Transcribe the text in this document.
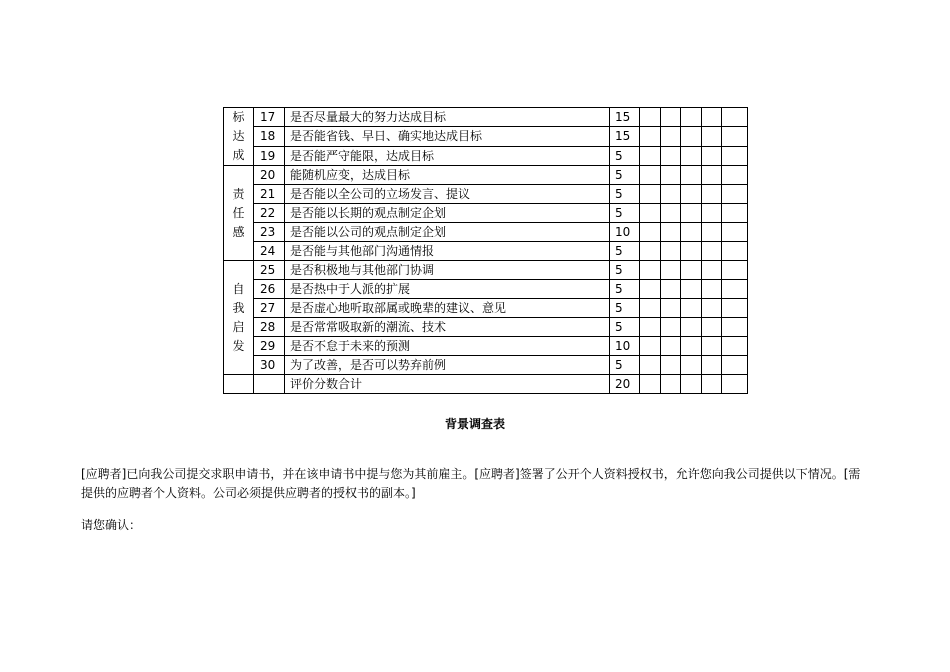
标
达
成	17	是否尽量最大的努力达成目标	15					
	18	是否能省钱、早日、确实地达成目标	15					
	19	是否能严守能限，达成目标	5					

责
任
感	20	能随机应变，达成目标	5					
	21	是否能以全公司的立场发言、提议	5					
	22	是否能以长期的观点制定企划	5					
	23	是否能以公司的观点制定企划	10					
	24	是否能与其他部门沟通情报	5					

自
我
启
发	25	是否积极地与其他部门协调	5					
	26	是否热中于人派的扩展	5					
	27	是否虚心地听取部属或晚辈的建议、意见	5					
	28	是否常常吸取新的潮流、技术	5					
	29	是否不怠于未来的预测	10					
	30	为了改善，是否可以势弃前例	5					
		评价分数合计	20					
背景调查表
[应聘者]已向我公司提交求职申请书，并在该申请书中提与您为其前雇主。[应聘者]签署了公开个人资料授权书，允许您向我公司提供以下情况。[需提供的应聘者个人资料。公司必须提供应聘者的授权书的副本。]
请您确认：
